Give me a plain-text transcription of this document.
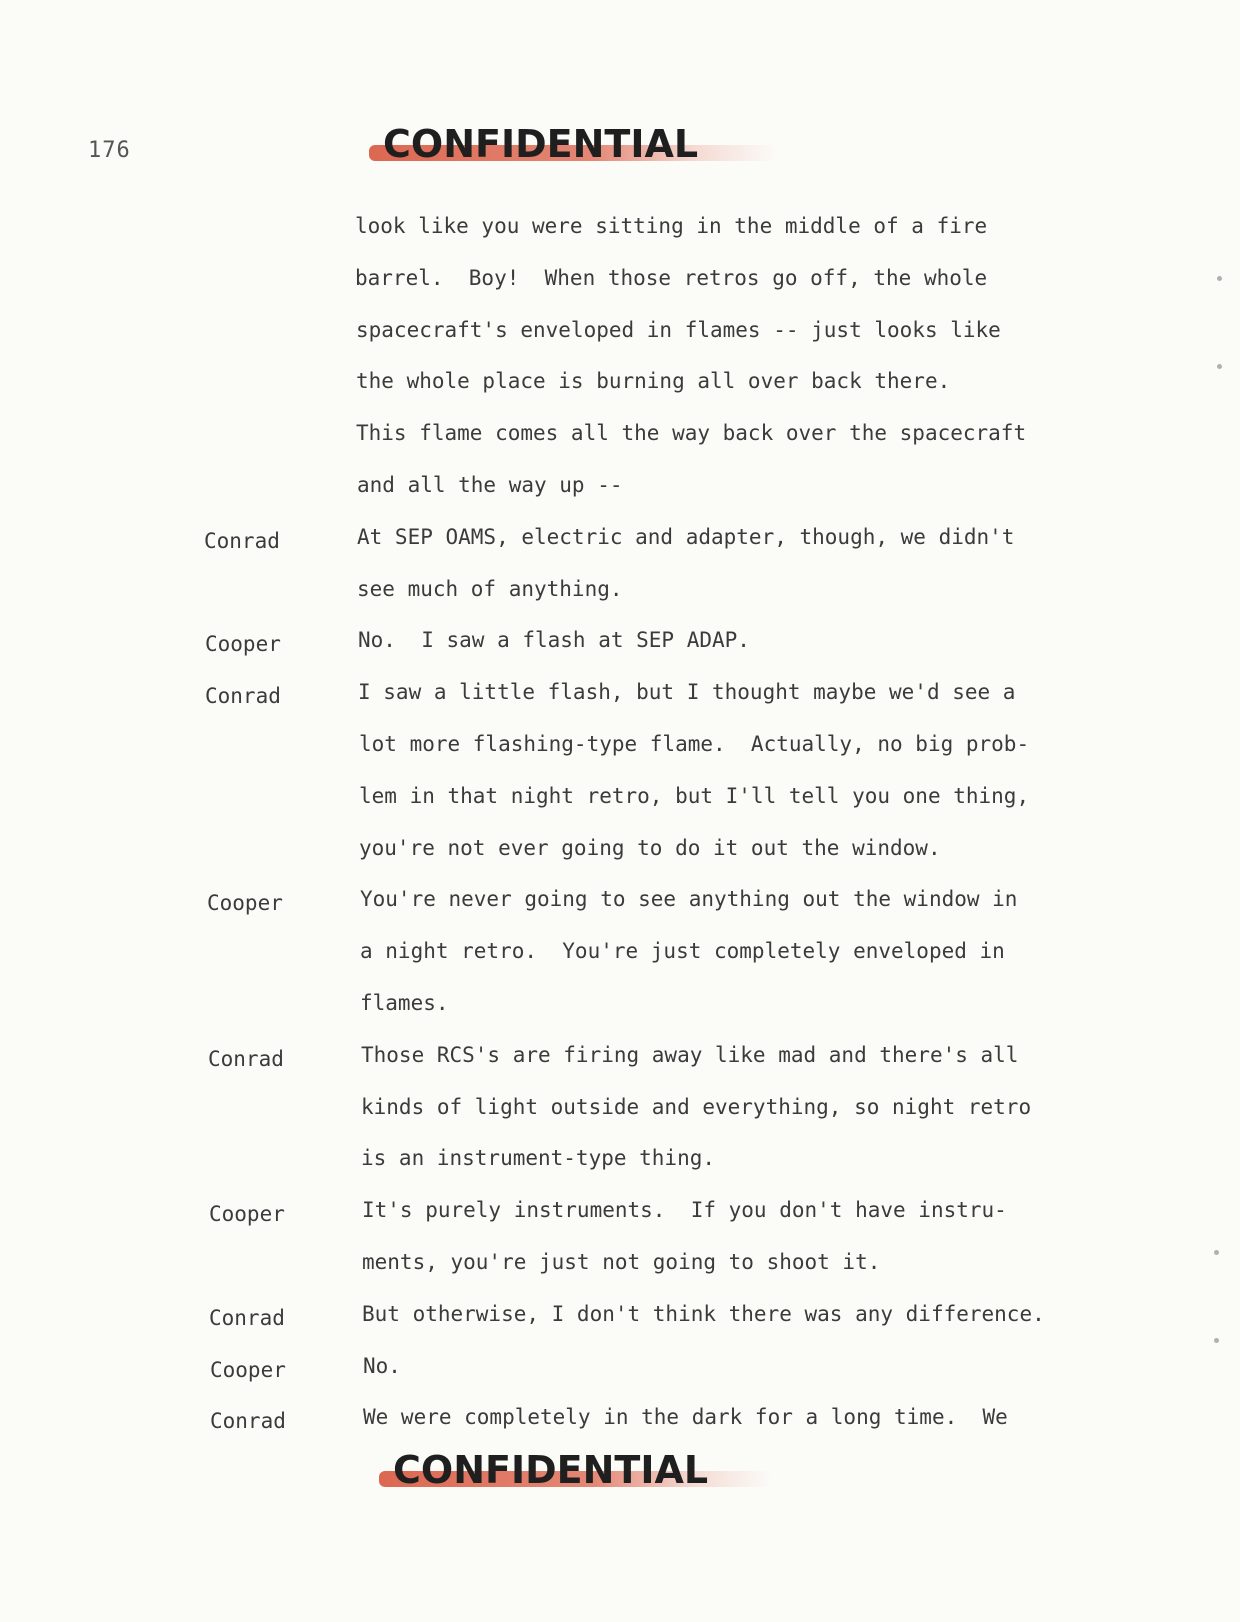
176	CONFIDENTIAL
look like you were sitting in the middle of a fire
barrel.  Boy!  When those retros go off, the whole
spacecraft's enveloped in flames -- just looks like
the whole place is burning all over back there.
This flame comes all the way back over the spacecraft
and all the way up --
At SEP OAMS, electric and adapter, though, we didn't
see much of anything.
Conrad
No.  I saw a flash at SEP ADAP.
Cooper
I saw a little flash, but I thought maybe we'd see a
lot more flashing-type flame.  Actually, no big prob-
lem in that night retro, but I'll tell you one thing,
you're not ever going to do it out the window.
Conrad
You're never going to see anything out the window in
a night retro.  You're just completely enveloped in
flames.
Cooper
Those RCS's are firing away like mad and there's all
kinds of light outside and everything, so night retro
is an instrument-type thing.
Conrad
It's purely instruments.  If you don't have instru-
ments, you're just not going to shoot it.
Cooper
But otherwise, I don't think there was any difference.
Conrad
No.
Cooper
We were completely in the dark for a long time.  We
Conrad
CONFIDENTIAL
